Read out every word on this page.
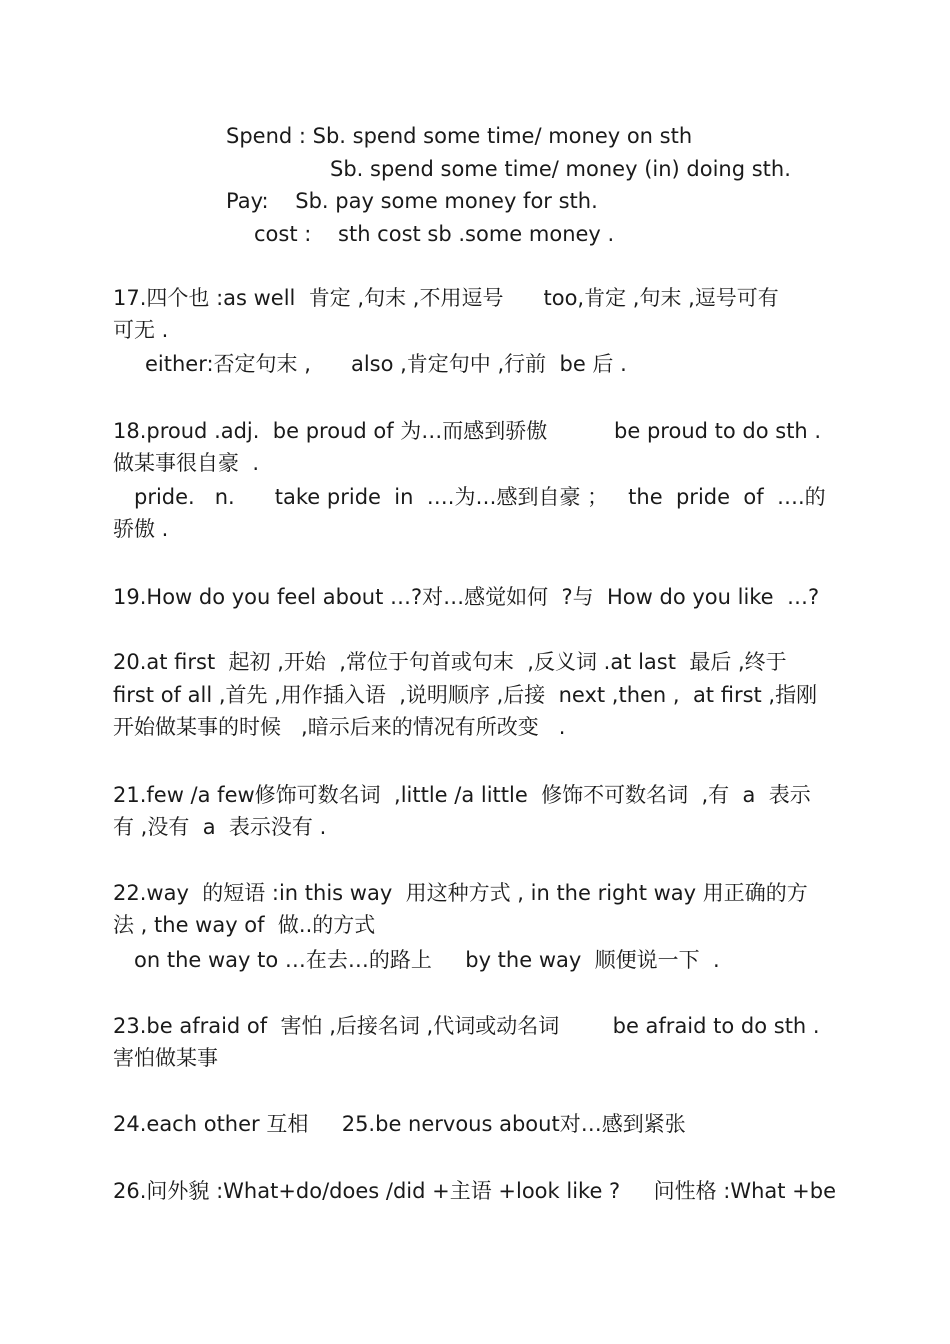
Spend : Sb. spend some time/ money on sth
Sb. spend some time/ money (in) doing sth.
Pay:    Sb. pay some money for sth.
cost :    sth cost sb .some money .
17.四个也 :as well  肯定 ,句末 ,不用逗号      too,肯定 ,句末 ,逗号可有
可无 .
either:否定句末 ,      also ,肯定句中 ,行前  be 后 .
18.proud .adj.  be proud of 为…而感到骄傲          be proud to do sth .
做某事很自豪  .
pride.   n.      take pride  in  ….为…感到自豪 ；   the  pride  of  ….的
骄傲 .
19.How do you feel about …?对…感觉如何  ?与  How do you like  …?
20.at first  起初 ,开始  ,常位于句首或句末  ,反义词 .at last  最后 ,终于
first of all ,首先 ,用作插入语  ,说明顺序 ,后接  next ,then ,  at first ,指刚
开始做某事的时候   ,暗示后来的情况有所改变   .
21.few /a few修饰可数名词  ,little /a little  修饰不可数名词  ,有  a  表示
有 ,没有  a  表示没有 .
22.way  的短语 :in this way  用这种方式 , in the right way 用正确的方
法 , the way of  做..的方式
on the way to …在去…的路上     by the way  顺便说一下  .
23.be afraid of  害怕 ,后接名词 ,代词或动名词        be afraid to do sth .
害怕做某事
24.each other 互相     25.be nervous about对…感到紧张
26.问外貌 :What+do/does /did +主语 +look like ?     问性格 :What +be
